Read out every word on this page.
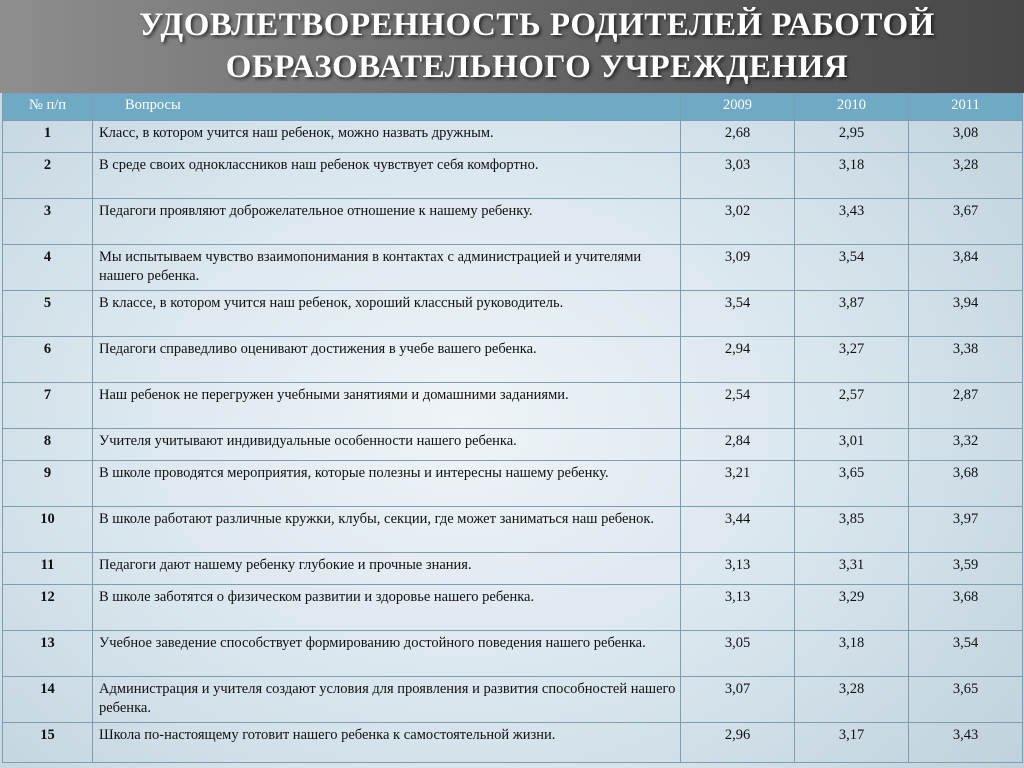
УДОВЛЕТВОРЕННОСТЬ РОДИТЕЛЕЙ РАБОТОЙ
ОБРАЗОВАТЕЛЬНОГО УЧРЕЖДЕНИЯ
№ п/п	Вопросы	2009	2010	2011
1	Класс, в котором учится наш ребенок, можно назвать дружным.	2,68	2,95	3,08
2	В среде своих одноклассников наш ребенок чувствует себя комфортно.	3,03	3,18	3,28
3	Педагоги проявляют доброжелательное отношение к нашему ребенку.	3,02	3,43	3,67
4	Мы испытываем чувство взаимопонимания в контактах с администрацией и учителями нашего ребенка.	3,09	3,54	3,84
5	В классе, в котором учится наш ребенок, хороший классный руководитель.	3,54	3,87	3,94
6	Педагоги справедливо оценивают достижения в учебе вашего ребенка.	2,94	3,27	3,38
7	Наш ребенок не перегружен учебными занятиями и домашними заданиями.	2,54	2,57	2,87
8	Учителя учитывают индивидуальные особенности нашего ребенка.	2,84	3,01	3,32
9	В школе проводятся мероприятия, которые полезны и интересны нашему ребенку.	3,21	3,65	3,68
10	В школе работают различные кружки, клубы, секции, где может заниматься наш ребенок.	3,44	3,85	3,97
11	Педагоги дают нашему ребенку глубокие и прочные знания.	3,13	3,31	3,59
12	В школе заботятся о физическом развитии и здоровье нашего ребенка.	3,13	3,29	3,68
13	Учебное заведение способствует формированию достойного поведения нашего ребенка.	3,05	3,18	3,54
14	Администрация и учителя создают условия для проявления и развития способностей нашего ребенка.	3,07	3,28	3,65
15	Школа по-настоящему готовит нашего ребенка к самостоятельной жизни.	2,96	3,17	3,43
